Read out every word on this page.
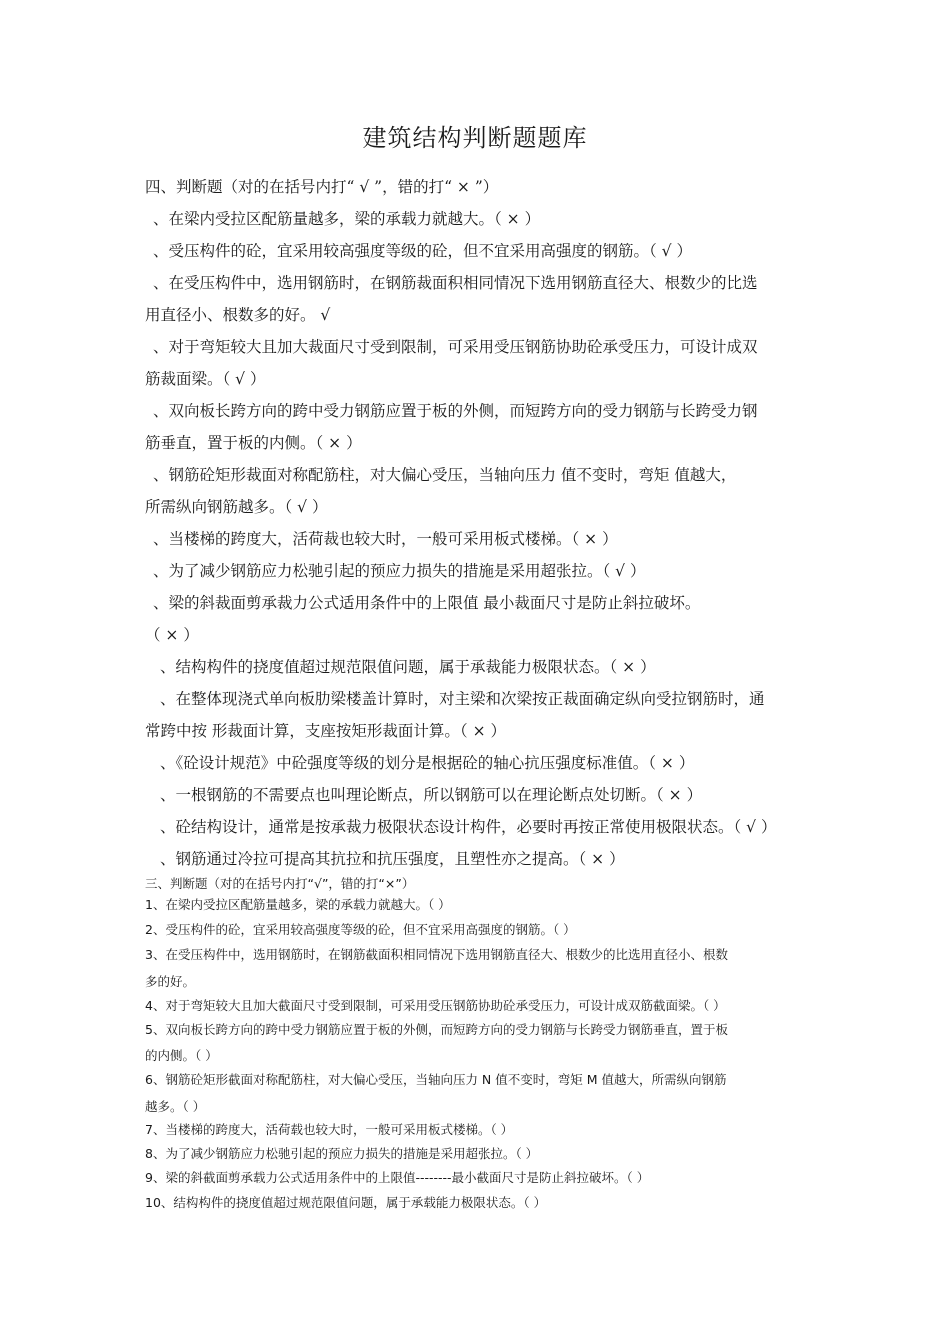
建筑结构判断题题库
四、判断题（对的在括号内打“ √ ”，错的打“ × ”）
、在梁内受拉区配筋量越多，梁的承载力就越大。（ × ）
、受压构件的砼，宜采用较高强度等级的砼，但不宜采用高强度的钢筋。（ √ ）
、在受压构件中，选用钢筋时，在钢筋裁面积相同情况下选用钢筋直径大、根数少的比选
用直径小、根数多的好。 √
、对于弯矩较大且加大裁面尺寸受到限制，可采用受压钢筋协助砼承受压力，可设计成双
筋裁面梁。（ √ ）
、双向板长跨方向的跨中受力钢筋应置于板的外侧，而短跨方向的受力钢筋与长跨受力钢
筋垂直，置于板的内侧。（ × ）
、钢筋砼矩形裁面对称配筋柱，对大偏心受压，当轴向压力 值不变时，弯矩 值越大，
所需纵向钢筋越多。（ √ ）
、当楼梯的跨度大，活荷裁也较大时，一般可采用板式楼梯。（ × ）
、为了减少钢筋应力松驰引起的预应力损失的措施是采用超张拉。（ √ ）
、梁的斜裁面剪承裁力公式适用条件中的上限值 最小裁面尺寸是防止斜拉破坏。
（ × ）
、结构构件的挠度值超过规范限值问题，属于承裁能力极限状态。（ × ）
、在整体现浇式单向板肋梁楼盖计算时，对主梁和次梁按正裁面确定纵向受拉钢筋时，通
常跨中按 形裁面计算，支座按矩形裁面计算。（ × ）
、《砼设计规范》中砼强度等级的划分是根据砼的轴心抗压强度标准值。（ × ）
、一根钢筋的不需要点也叫理论断点，所以钢筋可以在理论断点处切断。（ × ）
、砼结构设计，通常是按承裁力极限状态设计构件，必要时再按正常使用极限状态。（ √ ）
、钢筋通过冷拉可提高其抗拉和抗压强度，且塑性亦之提高。（ × ）
三、判断题（对的在括号内打“√”，错的打“×”）
1、在梁内受拉区配筋量越多，梁的承载力就越大。（ ）
2、受压构件的砼，宜采用较高强度等级的砼，但不宜采用高强度的钢筋。（ ）
3、在受压构件中，选用钢筋时，在钢筋截面积相同情况下选用钢筋直径大、根数少的比选用直径小、根数
多的好。
4、对于弯矩较大且加大截面尺寸受到限制，可采用受压钢筋协助砼承受压力，可设计成双筋截面梁。（ ）
5、双向板长跨方向的跨中受力钢筋应置于板的外侧，而短跨方向的受力钢筋与长跨受力钢筋垂直，置于板
的内侧。（ ）
6、钢筋砼矩形截面对称配筋柱，对大偏心受压，当轴向压力 N 值不变时，弯矩 M 值越大，所需纵向钢筋
越多。（ ）
7、当楼梯的跨度大，活荷载也较大时，一般可采用板式楼梯。（ ）
8、为了减少钢筋应力松驰引起的预应力损失的措施是采用超张拉。（ ）
9、梁的斜截面剪承载力公式适用条件中的上限值--------最小截面尺寸是防止斜拉破坏。（ ）
10、结构构件的挠度值超过规范限值问题，属于承载能力极限状态。（ ）
